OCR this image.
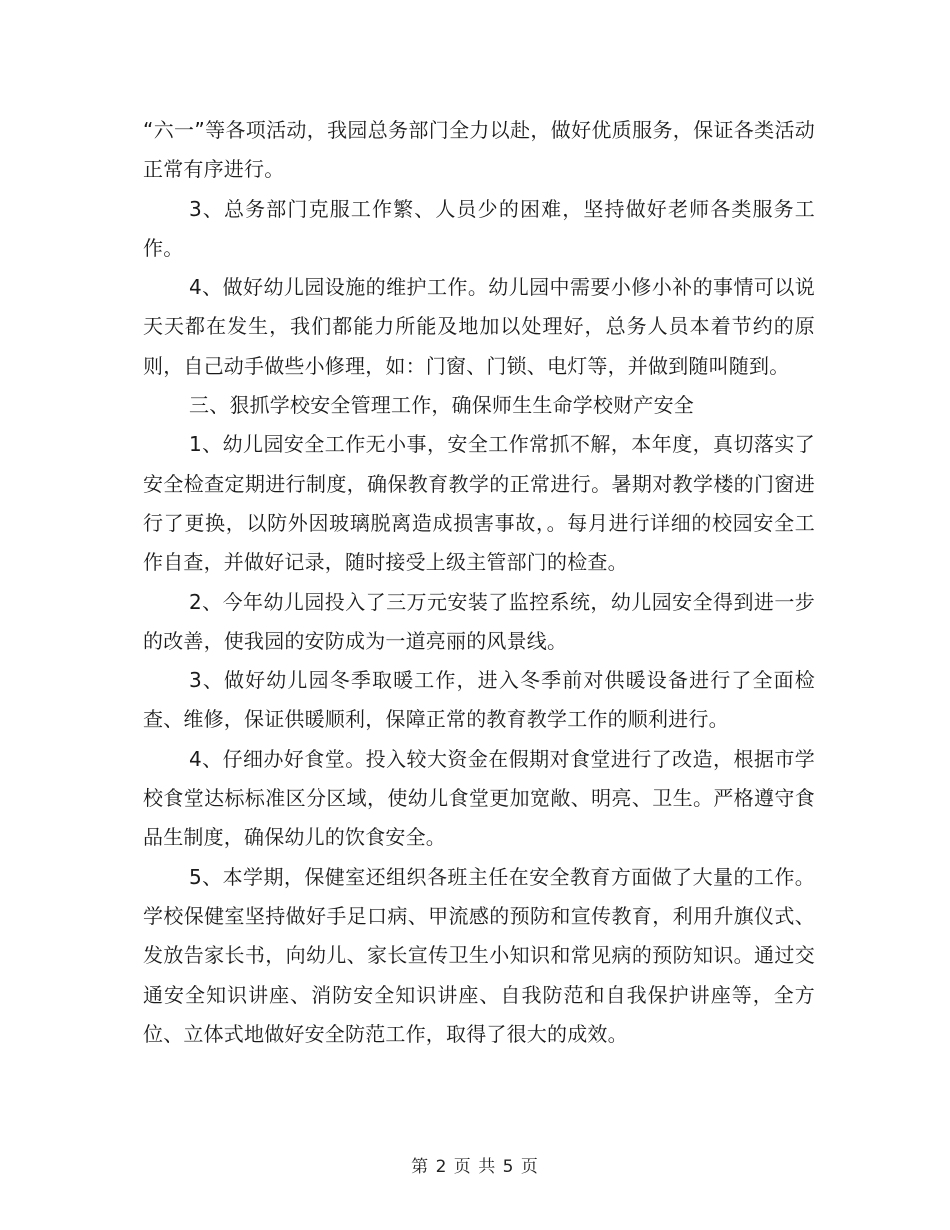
“六一”等各项活动，我园总务部门全力以赴，做好优质服务，保证各类活动正常有序进行。

3、总务部门克服工作繁、人员少的困难，坚持做好老师各类服务工作。

4、做好幼儿园设施的维护工作。幼儿园中需要小修小补的事情可以说天天都在发生，我们都能力所能及地加以处理好，总务人员本着节约的原则，自己动手做些小修理，如：门窗、门锁、电灯等，并做到随叫随到。

三、狠抓学校安全管理工作，确保师生生命学校财产安全

1、幼儿园安全工作无小事，安全工作常抓不解，本年度，真切落实了安全检查定期进行制度，确保教育教学的正常进行。暑期对教学楼的门窗进行了更换，以防外因玻璃脱离造成损害事故，。每月进行详细的校园安全工作自查，并做好记录，随时接受上级主管部门的检查。

2、今年幼儿园投入了三万元安装了监控系统，幼儿园安全得到进一步的改善，使我园的安防成为一道亮丽的风景线。

3、做好幼儿园冬季取暖工作，进入冬季前对供暖设备进行了全面检查、维修，保证供暖顺利，保障正常的教育教学工作的顺利进行。

4、仔细办好食堂。投入较大资金在假期对食堂进行了改造，根据市学校食堂达标标准区分区域，使幼儿食堂更加宽敞、明亮、卫生。严格遵守食品生制度，确保幼儿的饮食安全。

5、本学期，保健室还组织各班主任在安全教育方面做了大量的工作。学校保健室坚持做好手足口病、甲流感的预防和宣传教育，利用升旗仪式、发放告家长书，向幼儿、家长宣传卫生小知识和常见病的预防知识。通过交通安全知识讲座、消防安全知识讲座、自我防范和自我保护讲座等，全方位、立体式地做好安全防范工作，取得了很大的成效。

第 2 页 共 5 页
